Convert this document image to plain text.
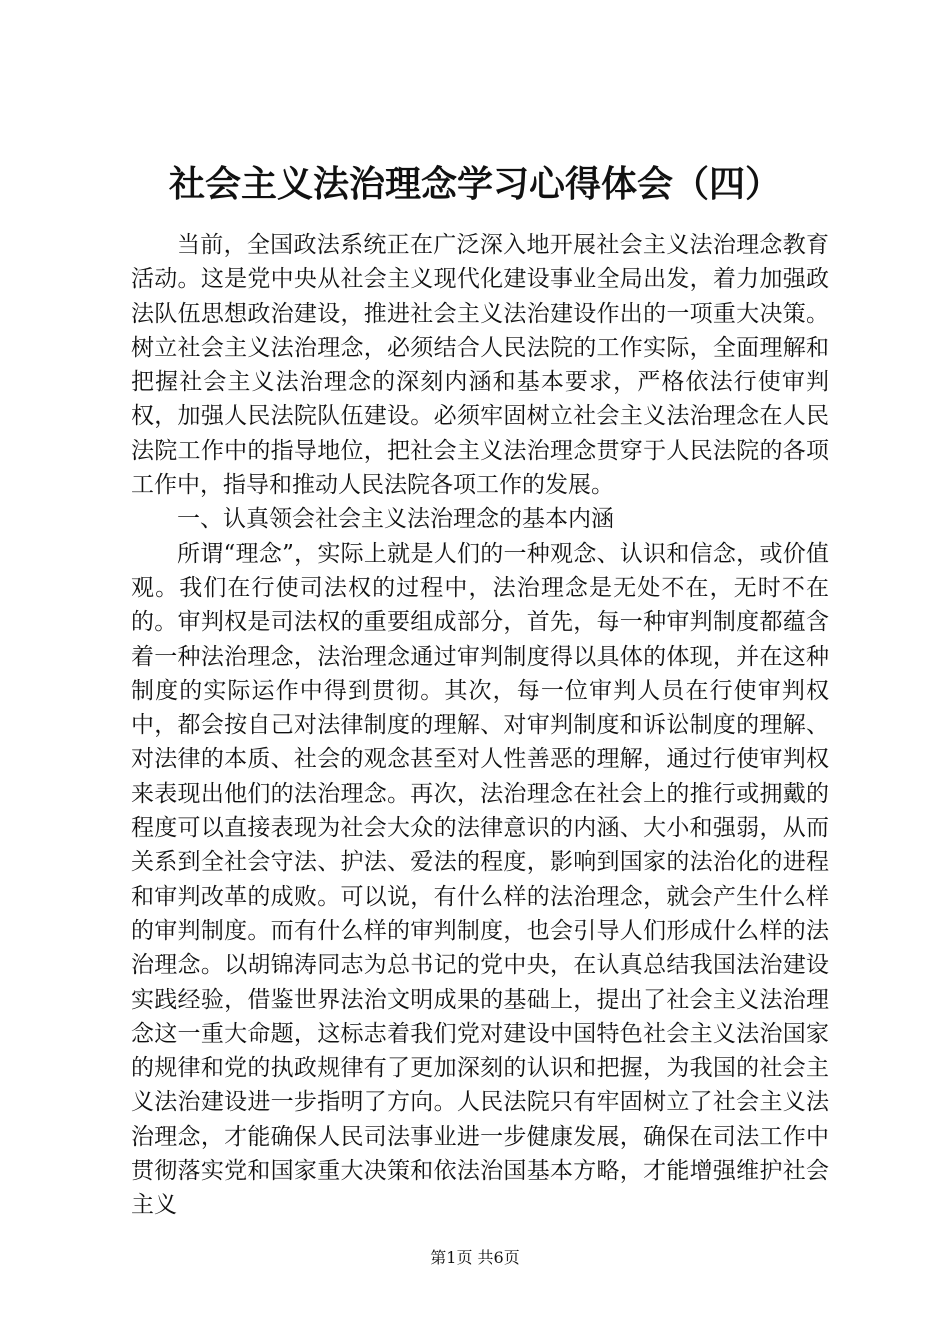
社会主义法治理念学习心得体会（四）

当前，全国政法系统正在广泛深入地开展社会主义法治理念教育活动。这是党中央从社会主义现代化建设事业全局出发，着力加强政法队伍思想政治建设，推进社会主义法治建设作出的一项重大决策。树立社会主义法治理念，必须结合人民法院的工作实际，全面理解和把握社会主义法治理念的深刻内涵和基本要求，严格依法行使审判权，加强人民法院队伍建设。必须牢固树立社会主义法治理念在人民法院工作中的指导地位，把社会主义法治理念贯穿于人民法院的各项工作中，指导和推动人民法院各项工作的发展。

一、认真领会社会主义法治理念的基本内涵

所谓“理念”，实际上就是人们的一种观念、认识和信念，或价值观。我们在行使司法权的过程中，法治理念是无处不在，无时不在的。审判权是司法权的重要组成部分，首先，每一种审判制度都蕴含着一种法治理念，法治理念通过审判制度得以具体的体现，并在这种制度的实际运作中得到贯彻。其次，每一位审判人员在行使审判权中，都会按自己对法律制度的理解、对审判制度和诉讼制度的理解、对法律的本质、社会的观念甚至对人性善恶的理解，通过行使审判权来表现出他们的法治理念。再次，法治理念在社会上的推行或拥戴的程度可以直接表现为社会大众的法律意识的内涵、大小和强弱，从而关系到全社会守法、护法、爱法的程度，影响到国家的法治化的进程和审判改革的成败。可以说，有什么样的法治理念，就会产生什么样的审判制度。而有什么样的审判制度，也会引导人们形成什么样的法治理念。以胡锦涛同志为总书记的党中央，在认真总结我国法治建设实践经验，借鉴世界法治文明成果的基础上，提出了社会主义法治理念这一重大命题，这标志着我们党对建设中国特色社会主义法治国家的规律和党的执政规律有了更加深刻的认识和把握，为我国的社会主义法治建设进一步指明了方向。人民法院只有牢固树立了社会主义法治理念，才能确保人民司法事业进一步健康发展，确保在司法工作中贯彻落实党和国家重大决策和依法治国基本方略，才能增强维护社会主义

第1页 共6页
